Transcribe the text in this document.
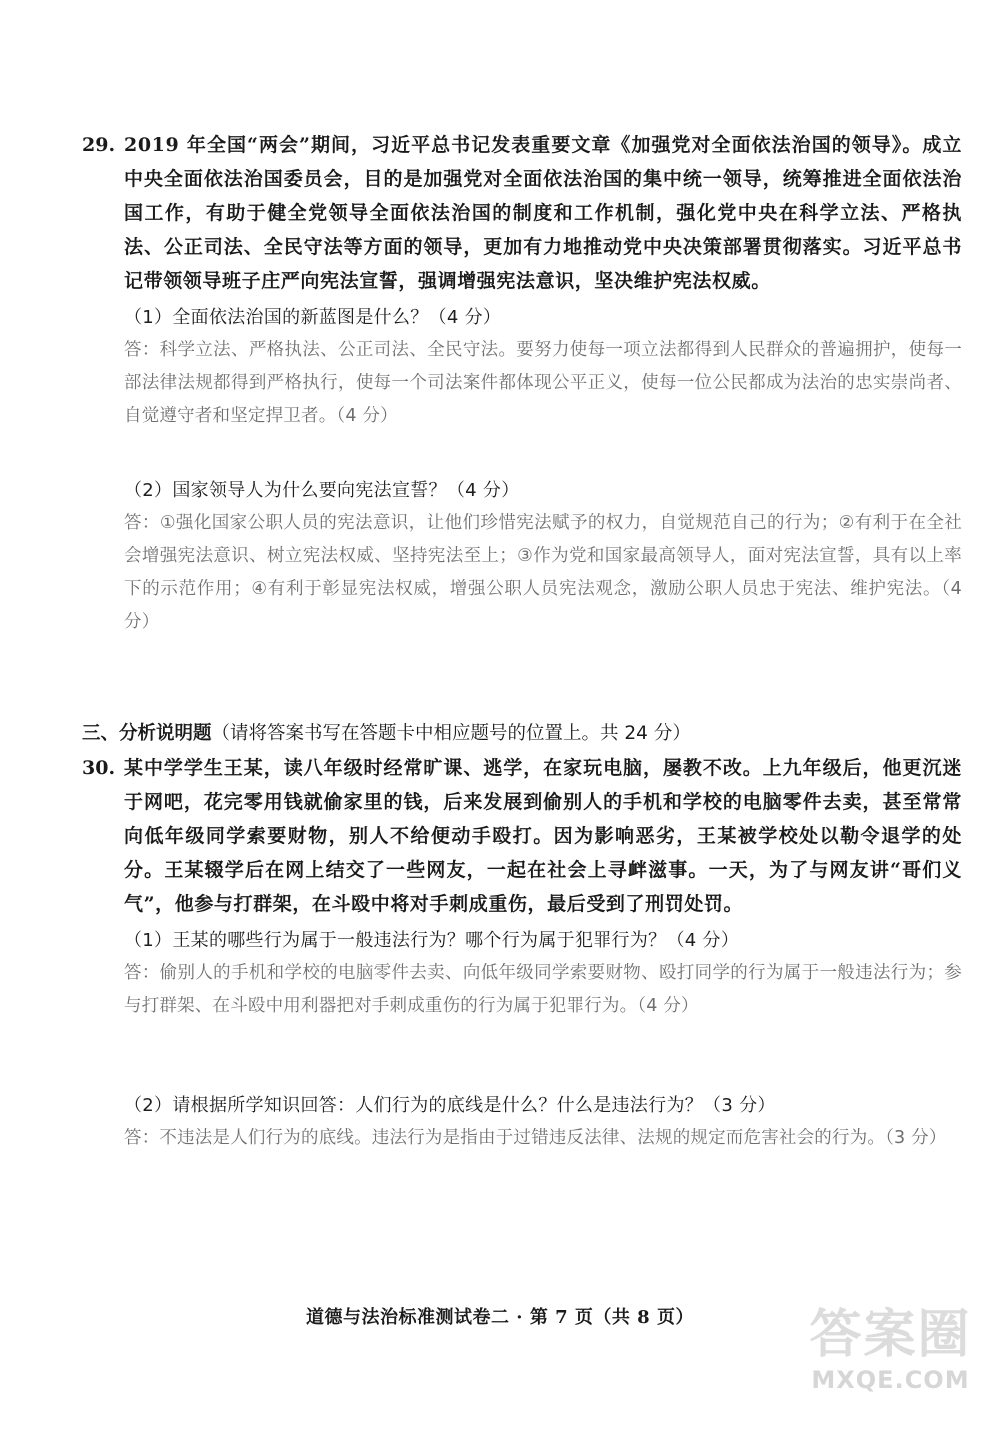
29. 2019 年全国“两会”期间，习近平总书记发表重要文章《加强党对全面依法治国的领导》。成立中央全面依法治国委员会，目的是加强党对全面依法治国的集中统一领导，统筹推进全面依法治国工作，有助于健全党领导全面依法治国的制度和工作机制，强化党中央在科学立法、严格执法、公正司法、全民守法等方面的领导，更加有力地推动党中央决策部署贯彻落实。习近平总书记带领领导班子庄严向宪法宣誓，强调增强宪法意识，坚决维护宪法权威。
（1）全面依法治国的新蓝图是什么？（4 分）
答：科学立法、严格执法、公正司法、全民守法。要努力使每一项立法都得到人民群众的普遍拥护，使每一部法律法规都得到严格执行，使每一个司法案件都体现公平正义，使每一位公民都成为法治的忠实崇尚者、自觉遵守者和坚定捍卫者。（4 分）
（2）国家领导人为什么要向宪法宣誓？（4 分）
答：①强化国家公职人员的宪法意识，让他们珍惜宪法赋予的权力，自觉规范自己的行为；②有利于在全社会增强宪法意识、树立宪法权威、坚持宪法至上；③作为党和国家最高领导人，面对宪法宣誓，具有以上率下的示范作用；④有利于彰显宪法权威，增强公职人员宪法观念，激励公职人员忠于宪法、维护宪法。（4 分）
三、分析说明题（请将答案书写在答题卡中相应题号的位置上。共 24 分）
30. 某中学学生王某，读八年级时经常旷课、逃学，在家玩电脑，屡教不改。上九年级后，他更沉迷于网吧，花完零用钱就偷家里的钱，后来发展到偷别人的手机和学校的电脑零件去卖，甚至常常向低年级同学索要财物，别人不给便动手殴打。因为影响恶劣，王某被学校处以勒令退学的处分。王某辍学后在网上结交了一些网友，一起在社会上寻衅滋事。一天，为了与网友讲“哥们义气”，他参与打群架，在斗殴中将对手刺成重伤，最后受到了刑罚处罚。
（1）王某的哪些行为属于一般违法行为？哪个行为属于犯罪行为？（4 分）
答：偷别人的手机和学校的电脑零件去卖、向低年级同学索要财物、殴打同学的行为属于一般违法行为；参与打群架、在斗殴中用利器把对手刺成重伤的行为属于犯罪行为。（4 分）
（2）请根据所学知识回答：人们行为的底线是什么？什么是违法行为？（3 分）
答：不违法是人们行为的底线。违法行为是指由于过错违反法律、法规的规定而危害社会的行为。（3 分）
道德与法治标准测试卷二 · 第 7 页（共 8 页）	答案圈
MXQE.COM
